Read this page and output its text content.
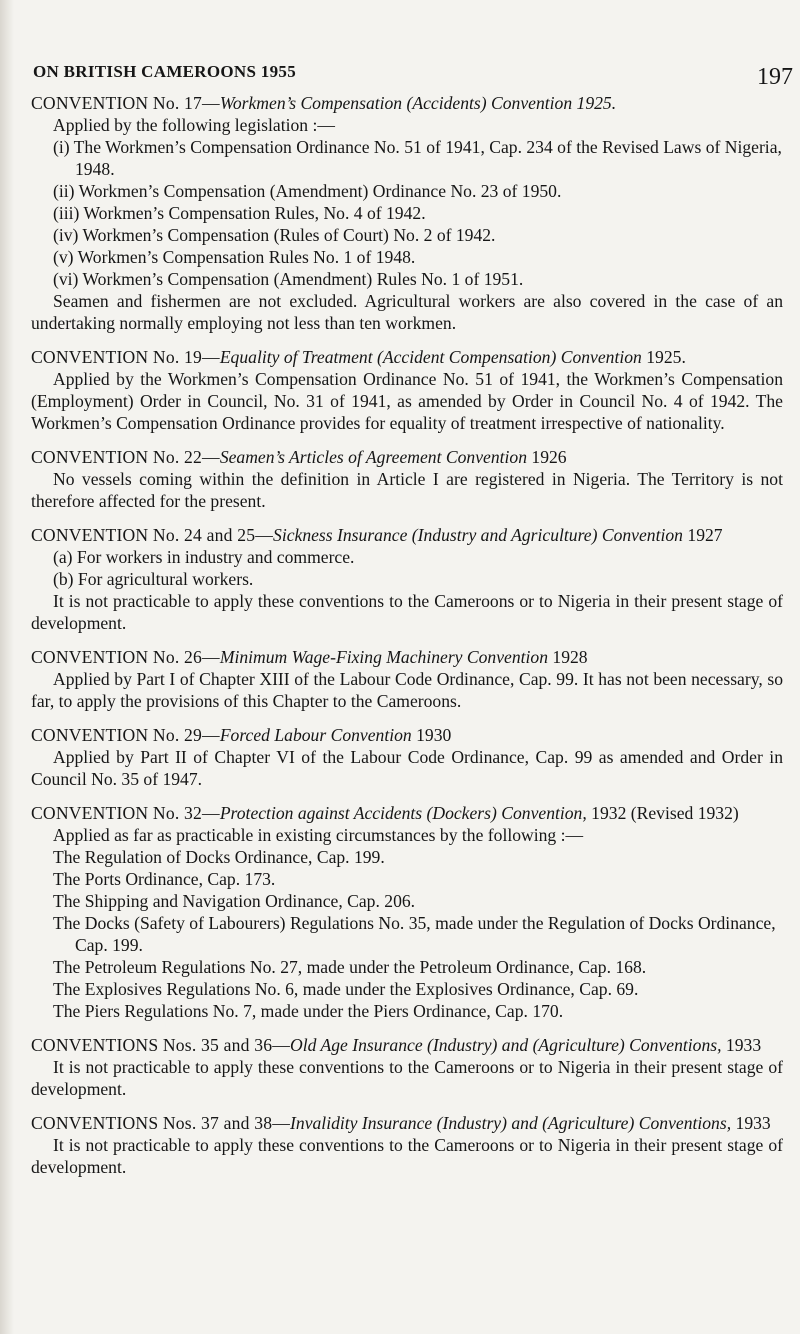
ON BRITISH CAMEROONS 1955	197
CONVENTION No. 17—Workmen’s Compensation (Accidents) Convention 1925.
Applied by the following legislation :—
(i) The Workmen’s Compensation Ordinance No. 51 of 1941, Cap. 234 of the Revised Laws of Nigeria, 1948.
(ii) Workmen’s Compensation (Amendment) Ordinance No. 23 of 1950.
(iii) Workmen’s Compensation Rules, No. 4 of 1942.
(iv) Workmen’s Compensation (Rules of Court) No. 2 of 1942.
(v) Workmen’s Compensation Rules No. 1 of 1948.
(vi) Workmen’s Compensation (Amendment) Rules No. 1 of 1951.
Seamen and fishermen are not excluded. Agricultural workers are also covered in the case of an undertaking normally employing not less than ten workmen.
CONVENTION No. 19—Equality of Treatment (Accident Compensation) Convention 1925.
Applied by the Workmen’s Compensation Ordinance No. 51 of 1941, the Workmen’s Compensation (Employment) Order in Council, No. 31 of 1941, as amended by Order in Council No. 4 of 1942. The Workmen’s Compensation Ordinance provides for equality of treatment irrespective of nationality.
CONVENTION No. 22—Seamen’s Articles of Agreement Convention 1926
No vessels coming within the definition in Article I are registered in Nigeria. The Territory is not therefore affected for the present.
CONVENTION No. 24 and 25—Sickness Insurance (Industry and Agriculture) Convention 1927
(a) For workers in industry and commerce.
(b) For agricultural workers.
It is not practicable to apply these conventions to the Cameroons or to Nigeria in their present stage of development.
CONVENTION No. 26—Minimum Wage-Fixing Machinery Convention 1928
Applied by Part I of Chapter XIII of the Labour Code Ordinance, Cap. 99. It has not been necessary, so far, to apply the provisions of this Chapter to the Cameroons.
CONVENTION No. 29—Forced Labour Convention 1930
Applied by Part II of Chapter VI of the Labour Code Ordinance, Cap. 99 as amended and Order in Council No. 35 of 1947.
CONVENTION No. 32—Protection against Accidents (Dockers) Convention, 1932 (Revised 1932)
Applied as far as practicable in existing circumstances by the following :—
The Regulation of Docks Ordinance, Cap. 199.
The Ports Ordinance, Cap. 173.
The Shipping and Navigation Ordinance, Cap. 206.
The Docks (Safety of Labourers) Regulations No. 35, made under the Regulation of Docks Ordinance, Cap. 199.
The Petroleum Regulations No. 27, made under the Petroleum Ordinance, Cap. 168.
The Explosives Regulations No. 6, made under the Explosives Ordinance, Cap. 69.
The Piers Regulations No. 7, made under the Piers Ordinance, Cap. 170.
CONVENTIONS Nos. 35 and 36—Old Age Insurance (Industry) and (Agriculture) Conventions, 1933
It is not practicable to apply these conventions to the Cameroons or to Nigeria in their present stage of development.
CONVENTIONS Nos. 37 and 38—Invalidity Insurance (Industry) and (Agriculture) Conventions, 1933
It is not practicable to apply these conventions to the Cameroons or to Nigeria in their present stage of development.
